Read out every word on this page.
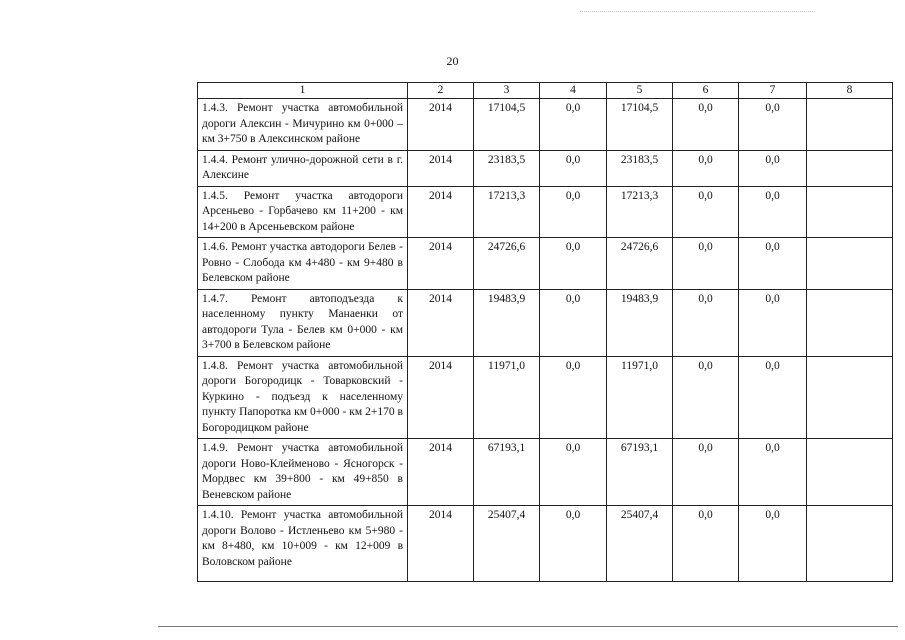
20
1	2	3	4	5	6	7	8
1.4.3. Ремонт участка автомобильной дороги Алексин - Мичурино км 0+000 – км 3+750 в Алексинском районе	2014	17104,5	0,0	17104,5	0,0	0,0	
1.4.4. Ремонт улично-дорожной сети в г. Алексине	2014	23183,5	0,0	23183,5	0,0	0,0	
1.4.5. Ремонт участка автодороги Арсеньево - Горбачево км 11+200 - км 14+200 в Арсеньевском районе	2014	17213,3	0,0	17213,3	0,0	0,0	
1.4.6. Ремонт участка автодороги Белев - Ровно - Слобода км 4+480 - км 9+480 в Белевском районе	2014	24726,6	0,0	24726,6	0,0	0,0	
1.4.7. Ремонт автоподъезда к населенному пункту Манаенки от автодороги Тула - Белев км 0+000 - км 3+700 в Белевском районе	2014	19483,9	0,0	19483,9	0,0	0,0	
1.4.8. Ремонт участка автомобильной дороги Богородицк - Товарковский - Куркино - подъезд к населенному пункту Папоротка км 0+000 - км 2+170 в Богородицком районе	2014	11971,0	0,0	11971,0	0,0	0,0	
1.4.9. Ремонт участка автомобильной дороги Ново-Клейменово - Ясногорск - Мордвес км 39+800 - км 49+850 в Веневском районе	2014	67193,1	0,0	67193,1	0,0	0,0	
1.4.10. Ремонт участка автомобильной дороги Волово - Истленьево км 5+980 - км 8+480, км 10+009 - км 12+009 в Воловском районе	2014	25407,4	0,0	25407,4	0,0	0,0	
